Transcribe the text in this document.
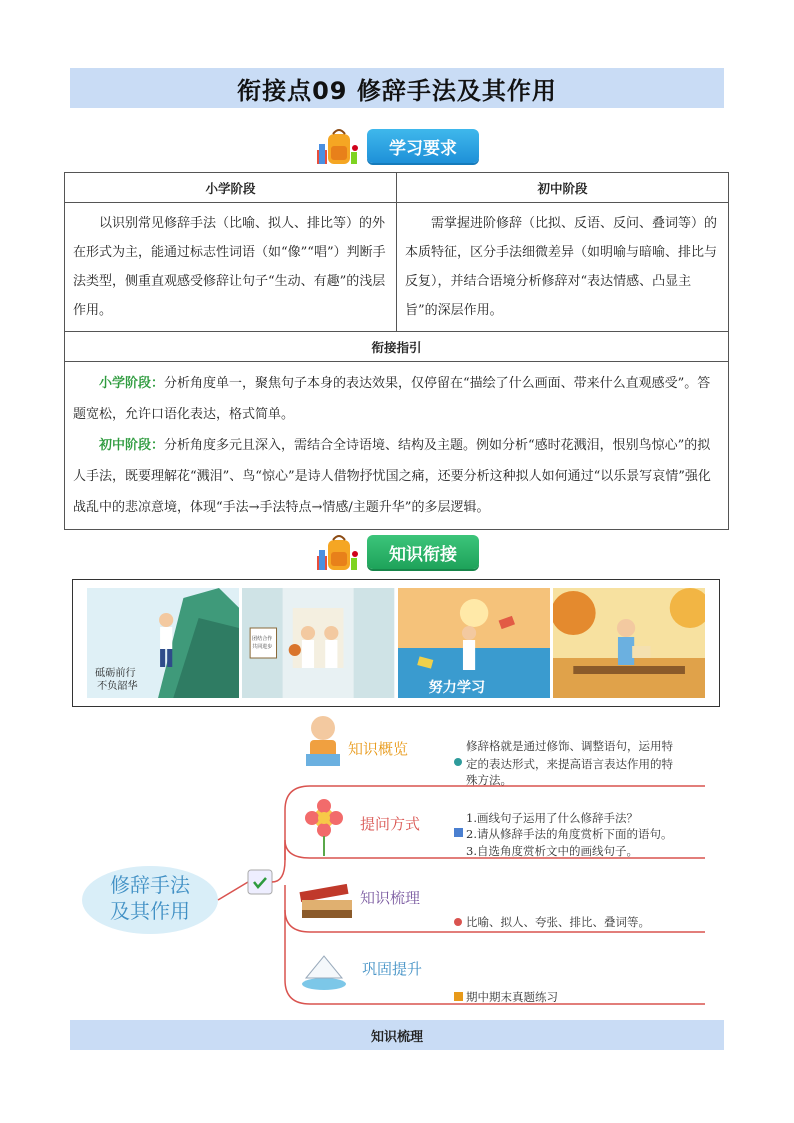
衔接点09 修辞手法及其作用
学习要求
小学阶段	初中阶段
以识别常见修辞手法（比喻、拟人、排比等）的外在形式为主，能通过标志性词语（如“像”“唱”）判断手法类型，侧重直观感受修辞让句子“生动、有趣”的浅层作用。	需掌握进阶修辞（比拟、反语、反问、叠词等）的本质特征，区分手法细微差异（如明喻与暗喻、排比与反复），并结合语境分析修辞对“表达情感、凸显主旨”的深层作用。
衔接指引	

小学阶段：分析角度单一，聚焦句子本身的表达效果，仅停留在“描绘了什么画面、带来什么直观感受”。答题宽松，允许口语化表达，格式简单。

初中阶段：分析角度多元且深入，需结合全诗语境、结构及主题。例如分析“感时花溅泪，恨别鸟惊心”的拟人手法，既要理解花“溅泪”、鸟“惊心”是诗人借物抒忧国之痛，还要分析这种拟人如何通过“以乐景写哀情”强化战乱中的悲凉意境，体现“手法→手法特点→情感/主题升华”的多层逻辑。	

知识衔接
砥砺前行
不负韶华
团结合作
共同进步
努力学习
修辞手法
及其作用
知识概览	修辞格就是通过修饰、调整语句，运用特
定的表达形式，来提高语言表达作用的特
殊方法。
提问方式	1.画线句子运用了什么修辞手法？
2.请从修辞手法的角度赏析下面的语句。
3.自选角度赏析文中的画线句子。
知识梳理
比喻、拟人、夸张、排比、叠词等。
巩固提升
期中期末真题练习
知识梳理
